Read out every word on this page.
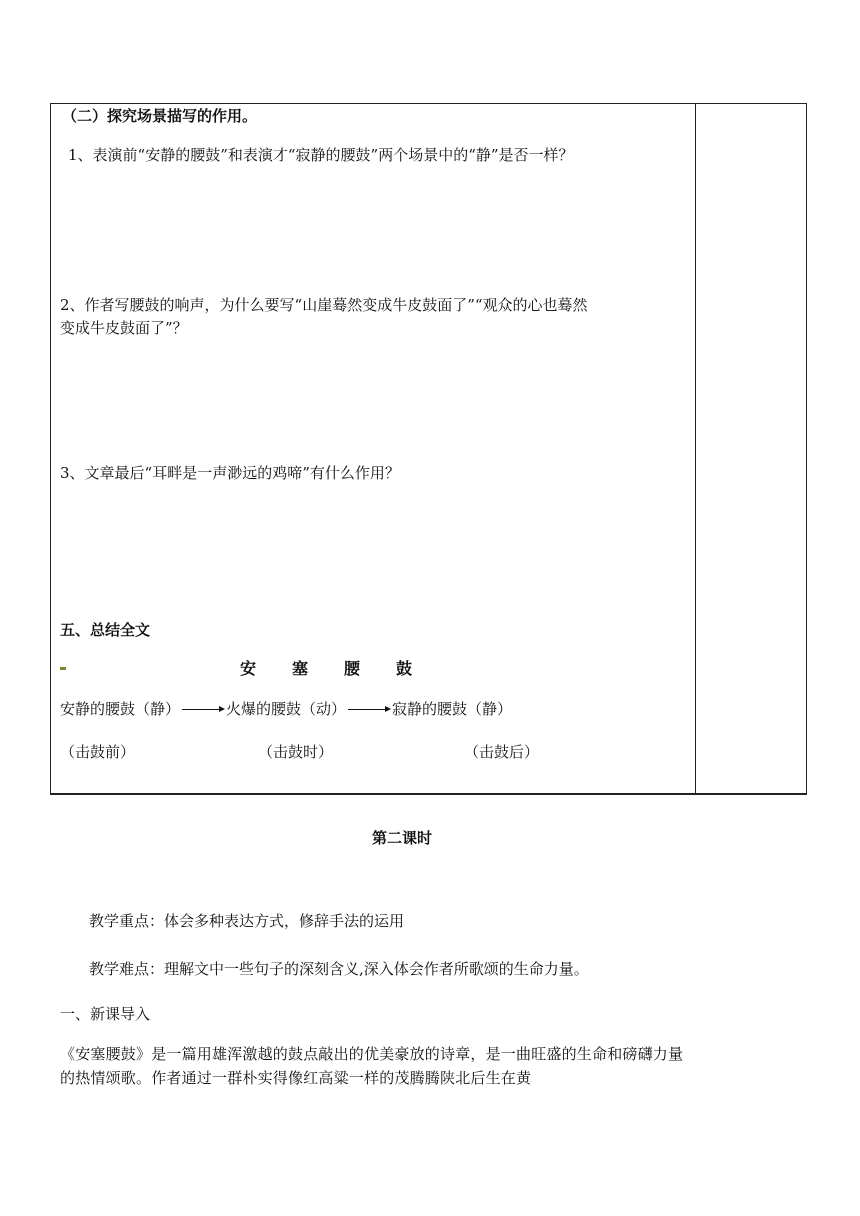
（二）探究场景描写的作用。
1、表演前“安静的腰鼓”和表演才“寂静的腰鼓”两个场景中的“静”是否一样？
2、作者写腰鼓的响声，为什么要写“山崖蓦然变成牛皮鼓面了”“观众的心也蓦然
变成牛皮鼓面了”？
3、文章最后“耳畔是一声渺远的鸡啼”有什么作用？
五、总结全文
安 塞 腰 鼓
安静的腰鼓（静）	火爆的腰鼓（动）	寂静的腰鼓（静）
（击鼓前）	（击鼓时）	（击鼓后）
第二课时
教学重点：体会多种表达方式，修辞手法的运用
教学难点：理解文中一些句子的深刻含义,深入体会作者所歌颂的生命力量。
一、新课导入
《安塞腰鼓》是一篇用雄浑激越的鼓点敲出的优美豪放的诗章，是一曲旺盛的生命和磅礴力量的热情颂歌。作者通过一群朴实得像红高粱一样的茂腾腾陕北后生在黄
